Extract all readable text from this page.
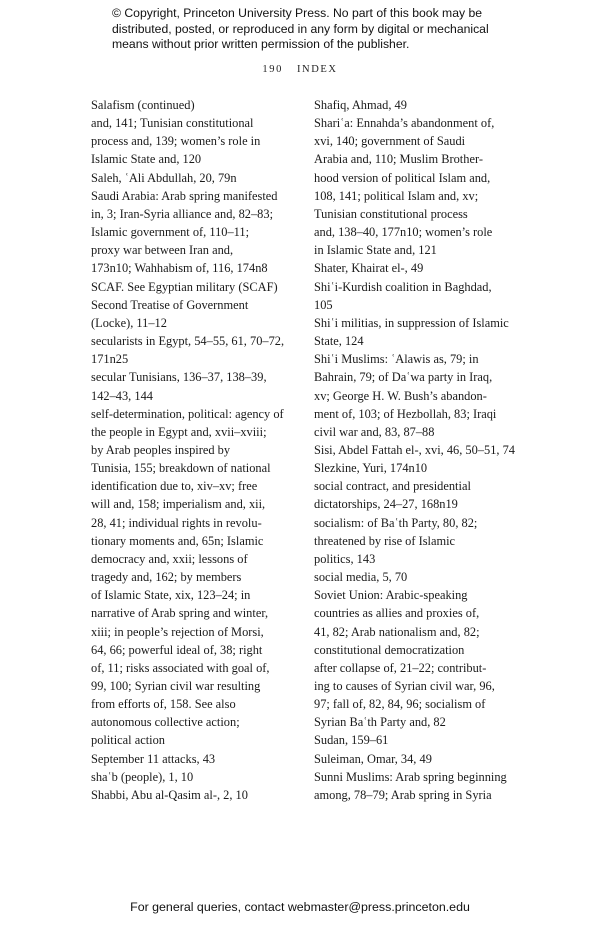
© Copyright, Princeton University Press. No part of this book may be
distributed, posted, or reproduced in any form by digital or mechanical
means without prior written permission of the publisher.
190 INDEX
Salafism (continued)
and, 141; Tunisian constitutional
process and, 139; women’s role in
Islamic State and, 120
Saleh, ʿAli Abdullah, 20, 79n
Saudi Arabia: Arab spring manifested
in, 3; Iran-Syria alliance and, 82–83;
Islamic government of, 110–11;
proxy war between Iran and,
173n10; Wahhabism of, 116, 174n8
SCAF. See Egyptian military (SCAF)
Second Treatise of Government
(Locke), 11–12
secularists in Egypt, 54–55, 61, 70–72,
171n25
secular Tunisians, 136–37, 138–39,
142–43, 144
self-determination, political: agency of
the people in Egypt and, xvii–xviii;
by Arab peoples inspired by
Tunisia, 155; breakdown of national
identification due to, xiv–xv; free
will and, 158; imperialism and, xii,
28, 41; individual rights in revolu-
tionary moments and, 65n; Islamic
democracy and, xxii; lessons of
tragedy and, 162; by members
of Islamic State, xix, 123–24; in
narrative of Arab spring and winter,
xiii; in people’s rejection of Morsi,
64, 66; powerful ideal of, 38; right
of, 11; risks associated with goal of,
99, 100; Syrian civil war resulting
from efforts of, 158. See also
autonomous collective action;
political action
September 11 attacks, 43
shaʿb (people), 1, 10
Shabbi, Abu al-Qasim al-, 2, 10
Shafiq, Ahmad, 49
Shariʿa: Ennahda’s abandonment of,
xvi, 140; government of Saudi
Arabia and, 110; Muslim Brother-
hood version of political Islam and,
108, 141; political Islam and, xv;
Tunisian constitutional process
and, 138–40, 177n10; women’s role
in Islamic State and, 121
Shater, Khairat el-, 49
Shiʿi-Kurdish coalition in Baghdad,
105
Shiʿi militias, in suppression of Islamic
State, 124
Shiʿi Muslims: ʿAlawis as, 79; in
Bahrain, 79; of Daʿwa party in Iraq,
xv; George H. W. Bush’s abandon-
ment of, 103; of Hezbollah, 83; Iraqi
civil war and, 83, 87–88
Sisi, Abdel Fattah el-, xvi, 46, 50–51, 74
Slezkine, Yuri, 174n10
social contract, and presidential
dictatorships, 24–27, 168n19
socialism: of Baʿth Party, 80, 82;
threatened by rise of Islamic
politics, 143
social media, 5, 70
Soviet Union: Arabic-speaking
countries as allies and proxies of,
41, 82; Arab nationalism and, 82;
constitutional democratization
after collapse of, 21–22; contribut-
ing to causes of Syrian civil war, 96,
97; fall of, 82, 84, 96; socialism of
Syrian Baʿth Party and, 82
Sudan, 159–61
Suleiman, Omar, 34, 49
Sunni Muslims: Arab spring beginning
among, 78–79; Arab spring in Syria
For general queries, contact webmaster@press.princeton.edu
